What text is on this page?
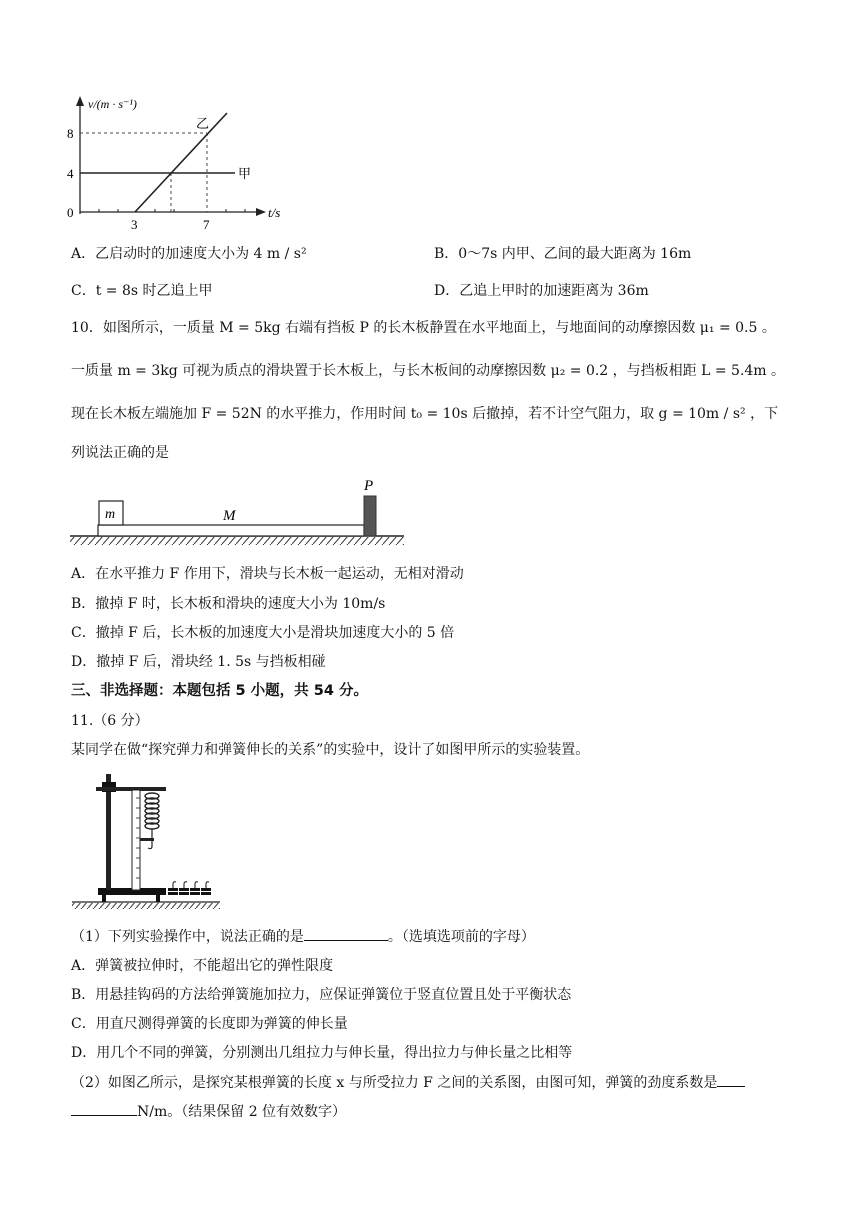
v/(m · s⁻¹)
8
4
0
3	7
t/s
乙
甲
A．乙启动时的加速度大小为 4 m / s²	B．0～7s 内甲、乙间的最大距离为 16m
C．t = 8s 时乙追上甲	D．乙追上甲时的加速距离为 36m
10．如图所示，一质量 M = 5kg 右端有挡板 P 的长木板静置在水平地面上，与地面间的动摩擦因数 μ₁ = 0.5 。
一质量 m = 3kg 可视为质点的滑块置于长木板上，与长木板间的动摩擦因数 μ₂ = 0.2 ，与挡板相距 L = 5.4m 。
现在长木板左端施加 F = 52N 的水平推力，作用时间 t₀ = 10s 后撤掉，若不计空气阻力，取 g = 10m / s² ，下
列说法正确的是
P
m	M
A．在水平推力 F 作用下，滑块与长木板一起运动，无相对滑动
B．撤掉 F 时，长木板和滑块的速度大小为 10m/s
C．撤掉 F 后，长木板的加速度大小是滑块加速度大小的 5 倍
D．撤掉 F 后，滑块经 1. 5s 与挡板相碰
三、非选择题：本题包括 5 小题，共 54 分。
11.（6 分）
某同学在做“探究弹力和弹簧伸长的关系”的实验中，设计了如图甲所示的实验装置。
（1）下列实验操作中，说法正确的是	。（选填选项前的字母）
A．弹簧被拉伸时，不能超出它的弹性限度
B．用悬挂钩码的方法给弹簧施加拉力，应保证弹簧位于竖直位置且处于平衡状态
C．用直尺测得弹簧的长度即为弹簧的伸长量
D．用几个不同的弹簧，分别测出几组拉力与伸长量，得出拉力与伸长量之比相等
（2）如图乙所示，是探究某根弹簧的长度 x 与所受拉力 F 之间的关系图，由图可知，弹簧的劲度系数是
N/m。（结果保留 2 位有效数字）
